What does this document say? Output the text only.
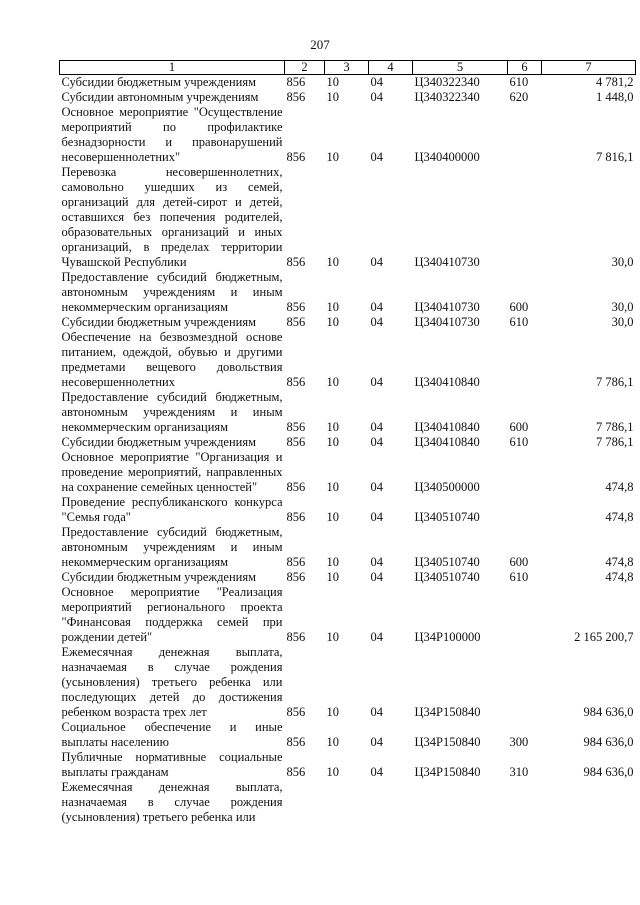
207
1	2	3	4	5	6	7
Субсидии бюджетным учреждениям	856	10	04	Ц340322340	610	4 781,2
Субсидии автономным учреждениям	856	10	04	Ц340322340	620	1 448,0
Основное мероприятие "Осуществление мероприятий по профилактике безнадзорности и правонарушений несовершеннолетних"	856	10	04	Ц340400000		7 816,1
Перевозка несовершеннолетних, самовольно ушедших из семей, организаций для детей-сирот и детей, оставшихся без попечения родителей, образовательных организаций и иных организаций, в пределах территории Чувашской Республики	856	10	04	Ц340410730		30,0
Предоставление субсидий бюджетным, автономным учреждениям и иным некоммерческим организациям	856	10	04	Ц340410730	600	30,0
Субсидии бюджетным учреждениям	856	10	04	Ц340410730	610	30,0
Обеспечение на безвозмездной основе питанием, одеждой, обувью и другими предметами вещевого довольствия несовершеннолетних	856	10	04	Ц340410840		7 786,1
Предоставление субсидий бюджетным, автономным учреждениям и иным некоммерческим организациям	856	10	04	Ц340410840	600	7 786,1
Субсидии бюджетным учреждениям	856	10	04	Ц340410840	610	7 786,1
Основное мероприятие "Организация и проведение мероприятий, направленных на сохранение семейных ценностей"	856	10	04	Ц340500000		474,8
Проведение республиканского конкурса "Семья года"	856	10	04	Ц340510740		474,8
Предоставление субсидий бюджетным, автономным учреждениям и иным некоммерческим организациям	856	10	04	Ц340510740	600	474,8
Субсидии бюджетным учреждениям	856	10	04	Ц340510740	610	474,8
Основное мероприятие "Реализация мероприятий регионального проекта "Финансовая поддержка семей при рождении детей"	856	10	04	Ц34P100000		2 165 200,7
Ежемесячная денежная выплата, назначаемая в случае рождения (усыновления) третьего ребенка или последующих детей до достижения ребенком возраста трех лет	856	10	04	Ц34P150840		984 636,0
Социальное обеспечение и иные выплаты населению	856	10	04	Ц34P150840	300	984 636,0
Публичные нормативные социальные выплаты гражданам	856	10	04	Ц34P150840	310	984 636,0
Ежемесячная денежная выплата, назначаемая в случае рождения (усыновления) третьего ребенка или						
